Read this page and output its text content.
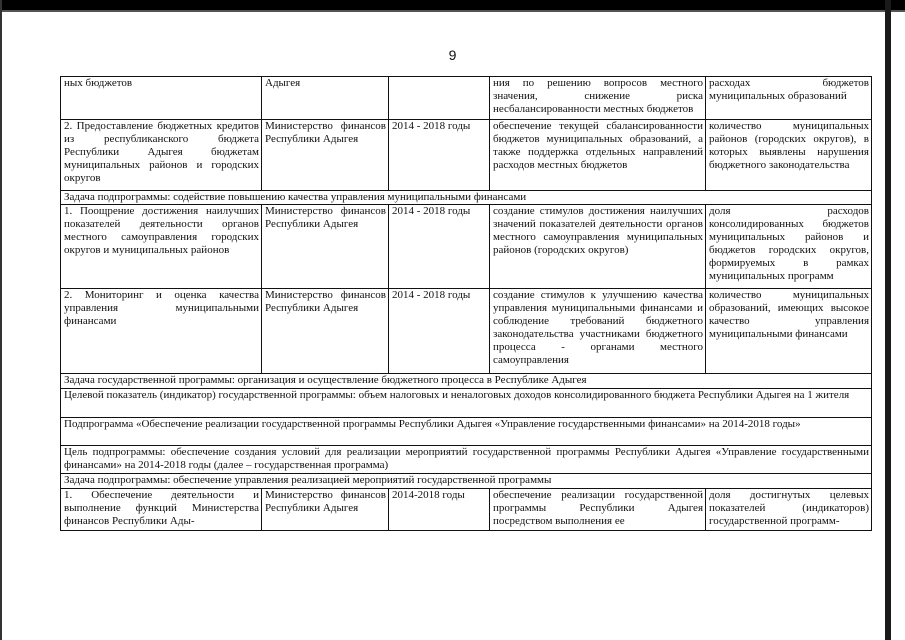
9
ных бюджетов	Адыгея		ния по решению вопросов местного значения, снижение риска несбалансированности местных бюджетов	расходах бюджетов муниципальных образований
2. Предоставление бюджетных кредитов из республиканского бюджета Республики Адыгея бюджетам муниципальных районов и городских округов	Министерство финансов Республики Адыгея	2014 - 2018 годы	обеспечение текущей сбалансированности бюджетов муниципальных образований, а также поддержка отдельных направлений расходов местных бюджетов	количество муниципальных районов (городских округов), в которых выявлены нарушения бюджетного законодательства
Задача подпрограммы: содействие повышению качества управления муниципальными финансами				
1. Поощрение достижения наилучших показателей деятельности органов местного самоуправления городских округов и муниципальных районов	Министерство финансов Республики Адыгея	2014 - 2018 годы	создание стимулов достижения наилучших значений показателей деятельности органов местного самоуправления муниципальных районов (городских округов)	доля расходов консолидированных бюджетов муниципальных районов и бюджетов городских округов, формируемых в рамках муниципальных программ
2. Мониторинг и оценка качества управления муниципальными финансами	Министерство финансов Республики Адыгея	2014 - 2018 годы	создание стимулов к улучшению качества управления муниципальными финансами и соблюдение требований бюджетного законодательства участниками бюджетного процесса - органами местного самоуправления	количество муниципальных образований, имеющих высокое качество управления муниципальными финансами
Задача государственной программы: организация и осуществление бюджетного процесса в Республике Адыгея				
Целевой показатель (индикатор) государственной программы: объем налоговых и неналоговых доходов консолидированного бюджета Республики Адыгея на 1 жителя				
Подпрограмма «Обеспечение реализации государственной программы Республики Адыгея «Управление государственными финансами» на 2014-2018 годы»				
Цель подпрограммы: обеспечение создания условий для реализации мероприятий государственной программы Республики Адыгея «Управление государственными финансами» на 2014-2018 годы (далее – государственная программа)				
Задача подпрограммы: обеспечение управления реализацией мероприятий государственной программы				
1. Обеспечение деятельности и выполнение функций Министерства финансов Республики Ады-	Министерство финансов Республики Адыгея	2014-2018 годы	обеспечение реализации государственной программы Республики Адыгея посредством выполнения ее	доля достигнутых целевых показателей (индикаторов) государственной программ-
